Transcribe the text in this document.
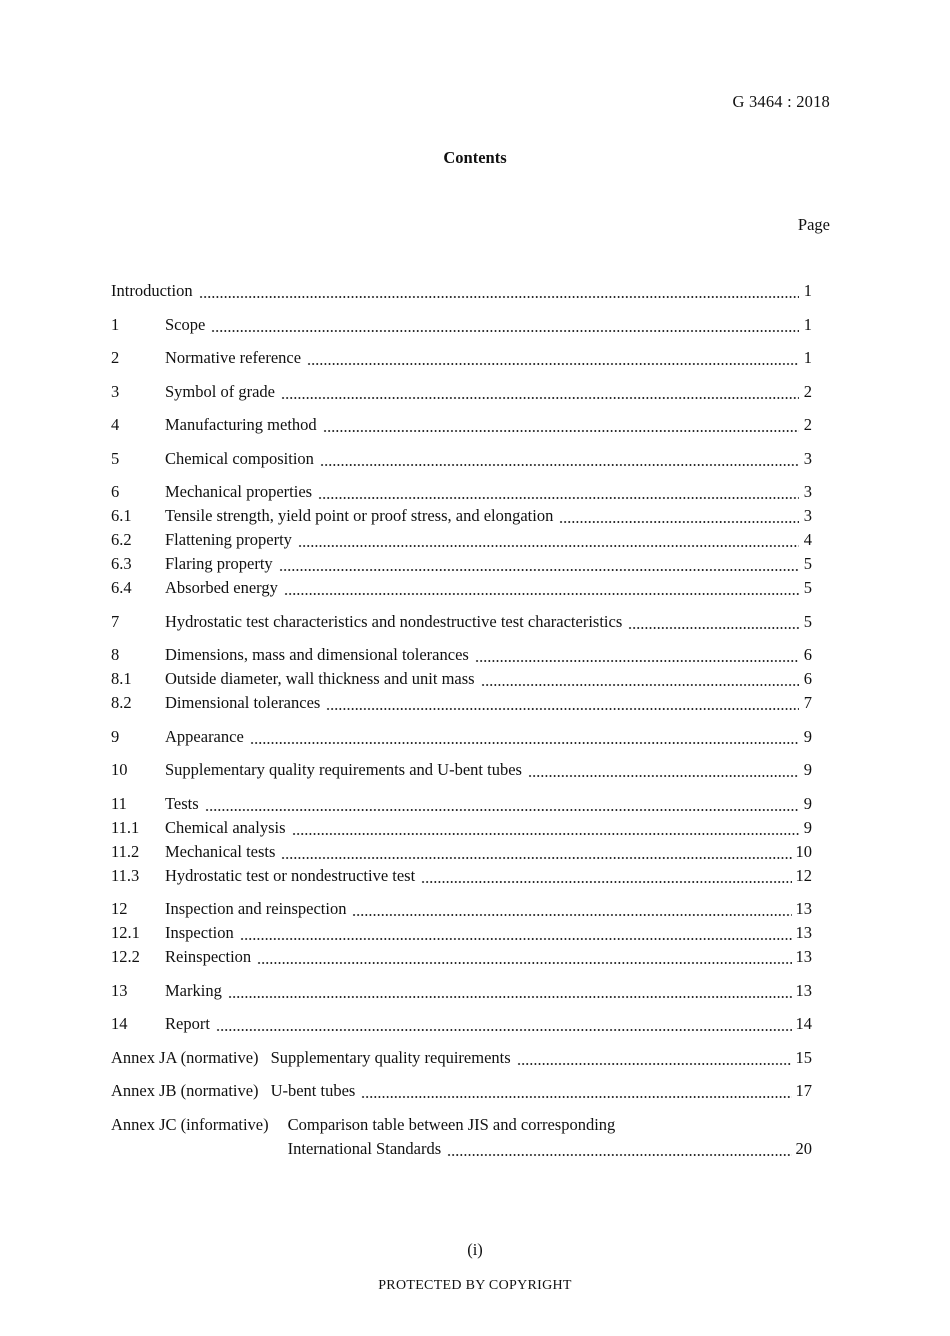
G 3464 : 2018
Contents
Page
Introduction	1
1	Scope	1
2	Normative reference	1
3	Symbol of grade	2
4	Manufacturing method	2
5	Chemical composition	3
6	Mechanical properties	3
6.1	Tensile strength, yield point or proof stress, and elongation	3
6.2	Flattening property	4
6.3	Flaring property	5
6.4	Absorbed energy	5
7	Hydrostatic test characteristics and nondestructive test characteristics	5
8	Dimensions, mass and dimensional tolerances	6
8.1	Outside diameter, wall thickness and unit mass	6
8.2	Dimensional tolerances	7
9	Appearance	9
10	Supplementary quality requirements and U-bent tubes	9
11	Tests	9
11.1	Chemical analysis	9
11.2	Mechanical tests	10
11.3	Hydrostatic test or nondestructive test	12
12	Inspection and reinspection	13
12.1	Inspection	13
12.2	Reinspection	13
13	Marking	13
14	Report	14
Annex JA (normative) Supplementary quality requirements	15
Annex JB (normative) U-bent tubes	17
Annex JC (informative) Comparison table between JIS and corresponding
International Standards	20
(i)
PROTECTED BY COPYRIGHT
